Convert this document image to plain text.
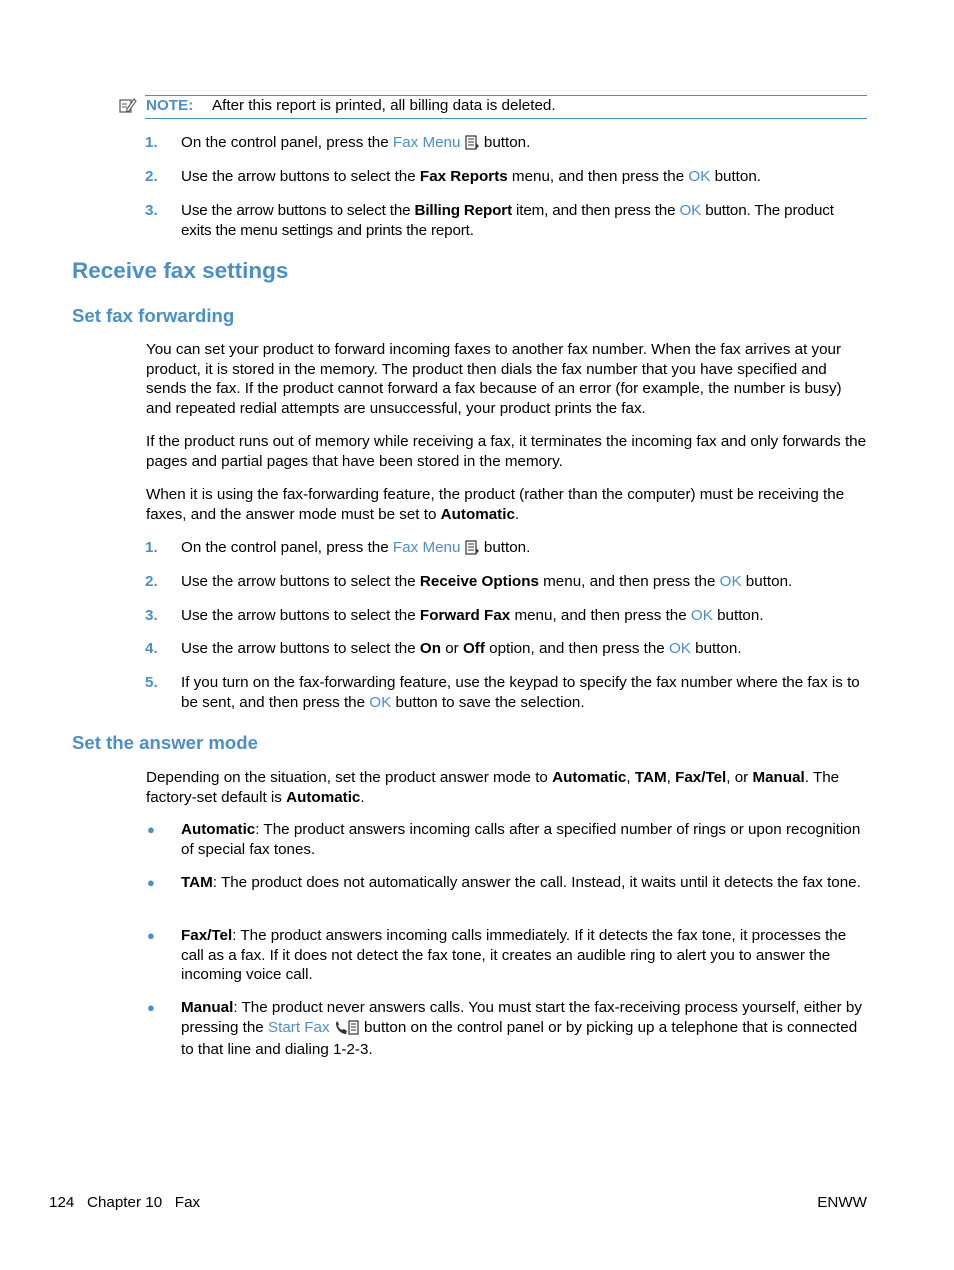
NOTE: After this report is printed, all billing data is deleted.
1.	On the control panel, press the Fax Menu  button.
2.	Use the arrow buttons to select the Fax Reports menu, and then press the OK button.
3.	Use the arrow buttons to select the Billing Report item, and then press the OK button. The product exits the menu settings and prints the report.
Receive fax settings
Set fax forwarding
You can set your product to forward incoming faxes to another fax number. When the fax arrives at your product, it is stored in the memory. The product then dials the fax number that you have specified and sends the fax. If the product cannot forward a fax because of an error (for example, the number is busy) and repeated redial attempts are unsuccessful, your product prints the fax.
If the product runs out of memory while receiving a fax, it terminates the incoming fax and only forwards the pages and partial pages that have been stored in the memory.
When it is using the fax-forwarding feature, the product (rather than the computer) must be receiving the faxes, and the answer mode must be set to Automatic.
1.	On the control panel, press the Fax Menu  button.
2.	Use the arrow buttons to select the Receive Options menu, and then press the OK button.
3.	Use the arrow buttons to select the Forward Fax menu, and then press the OK button.
4.	Use the arrow buttons to select the On or Off option, and then press the OK button.
5.	If you turn on the fax-forwarding feature, use the keypad to specify the fax number where the fax is to be sent, and then press the OK button to save the selection.
Set the answer mode
Depending on the situation, set the product answer mode to Automatic, TAM, Fax/Tel, or Manual. The factory-set default is Automatic.
● Automatic: The product answers incoming calls after a specified number of rings or upon recognition of special fax tones.
● TAM: The product does not automatically answer the call. Instead, it waits until it detects the fax tone.
● Fax/Tel: The product answers incoming calls immediately. If it detects the fax tone, it processes the call as a fax. If it does not detect the fax tone, it creates an audible ring to alert you to answer the incoming voice call.
● Manual: The product never answers calls. You must start the fax-receiving process yourself, either by pressing the Start Fax  button on the control panel or by picking up a telephone that is connected to that line and dialing 1-2-3.
124   Chapter 10   Fax	ENWW
